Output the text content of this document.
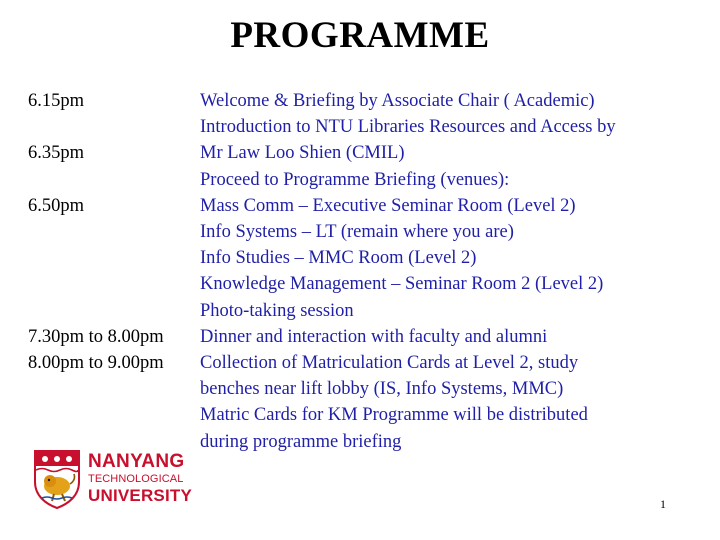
PROGRAMME
6.15pm	Welcome & Briefing by Associate Chair ( Academic)
Introduction to NTU Libraries Resources and Access by
6.35pm	Mr Law Loo Shien (CMIL)
Proceed to Programme Briefing (venues):
6.50pm	Mass Comm – Executive Seminar Room (Level 2)
Info Systems – LT (remain where you are)
Info Studies – MMC Room (Level 2)
Knowledge Management – Seminar Room 2 (Level 2)
Photo-taking session
7.30pm to 8.00pm	Dinner and interaction with faculty and alumni
8.00pm to 9.00pm	Collection of Matriculation Cards at Level 2, study
benches near lift lobby (IS, Info Systems, MMC)
Matric Cards for KM Programme will be distributed
during programme briefing
NANYANG
TECHNOLOGICAL
UNIVERSITY	1
